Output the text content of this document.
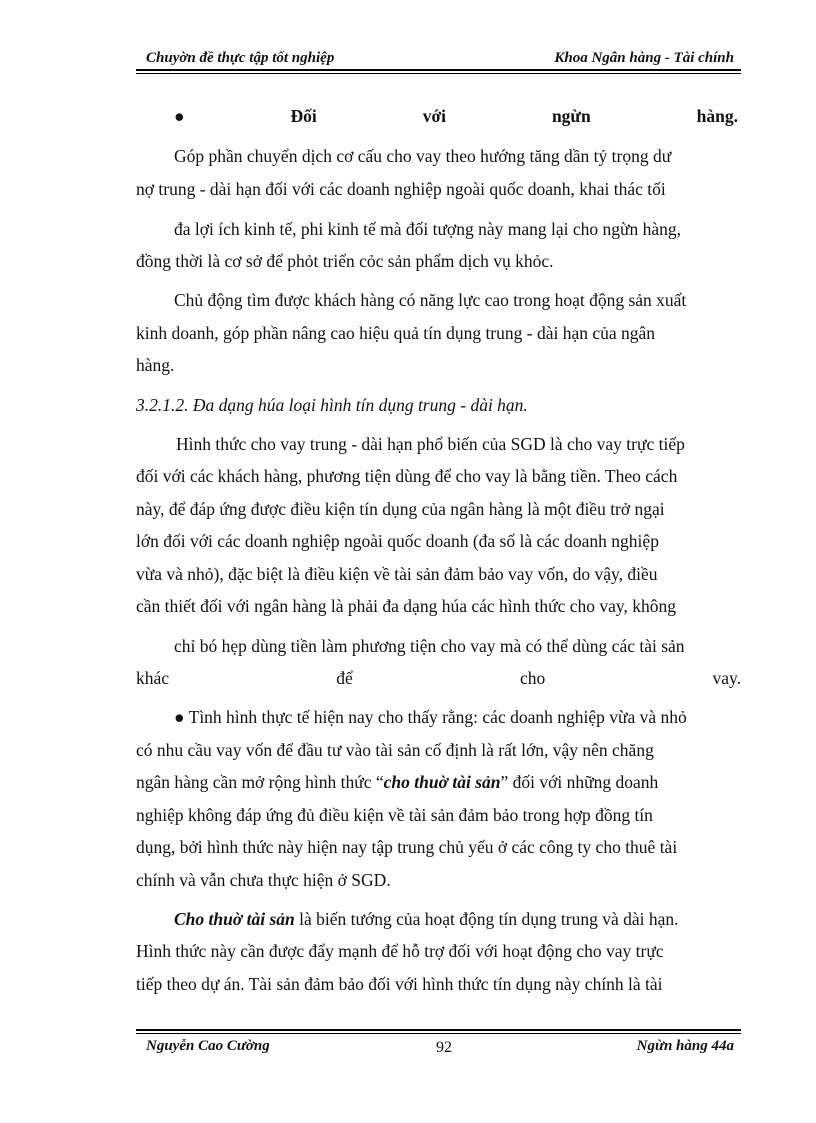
Chuyờn đề thực tập tốt nghiệp	Khoa Ngân hàng - Tài chính
●	Đối	với	ngừn	hàng.
Góp phần chuyển dịch cơ cấu cho vay theo hướng tăng dần tỷ trọng dư
nợ trung - dài hạn đối với các doanh nghiệp ngoài quốc doanh, khai thác tối
đa lợi ích kinh tế, phi kinh tế mà đối tượng này mang lại cho ngừn hàng,
đồng thời là cơ sở để phỏt triển cỏc sản phẩm dịch vụ khỏc.
Chủ động tìm được khách hàng có năng lực cao trong hoạt động sản xuất
kinh doanh, góp phần nâng cao hiệu quả tín dụng trung - dài hạn của ngân
hàng.
3.2.1.2. Đa dạng húa loại hình tín dụng trung - dài hạn.
Hình thức cho vay trung - dài hạn phổ biến của SGD là cho vay trực tiếp
đối với các khách hàng, phương tiện dùng để cho vay là bằng tiền. Theo cách
này, để đáp ứng được điều kiện tín dụng của ngân hàng là một điều trở ngại
lớn đối với các doanh nghiệp ngoài quốc doanh (đa số là các doanh nghiệp
vừa và nhỏ), đặc biệt là điều kiện về tài sản đảm bảo vay vốn, do vậy, điều
cần thiết đối với ngân hàng là phải đa dạng húa các hình thức cho vay, không
chỉ bó hẹp dùng tiền làm phương tiện cho vay mà có thể dùng các tài sản
khác	để	cho	vay.
● Tình hình thực tế hiện nay cho thấy rằng: các doanh nghiệp vừa và nhỏ
có nhu cầu vay vốn để đầu tư vào tài sản cố định là rất lớn, vậy nên chăng
ngân hàng cần mở rộng hình thức “cho thuờ tài sản” đối với những doanh
nghiệp không đáp ứng đủ điều kiện về tài sản đảm bảo trong hợp đồng tín
dụng, bởi hình thức này hiện nay tập trung chủ yếu ở các công ty cho thuê tài
chính và vẫn chưa thực hiện ở SGD.
Cho thuờ tài sản là biến tướng của hoạt động tín dụng trung và dài hạn.
Hình thức này cần được đẩy mạnh để hỗ trợ đối với hoạt động cho vay trực
tiếp theo dự án. Tài sản đảm bảo đối với hình thức tín dụng này chính là tài
Nguyễn Cao Cường	92	Ngừn hàng 44a
